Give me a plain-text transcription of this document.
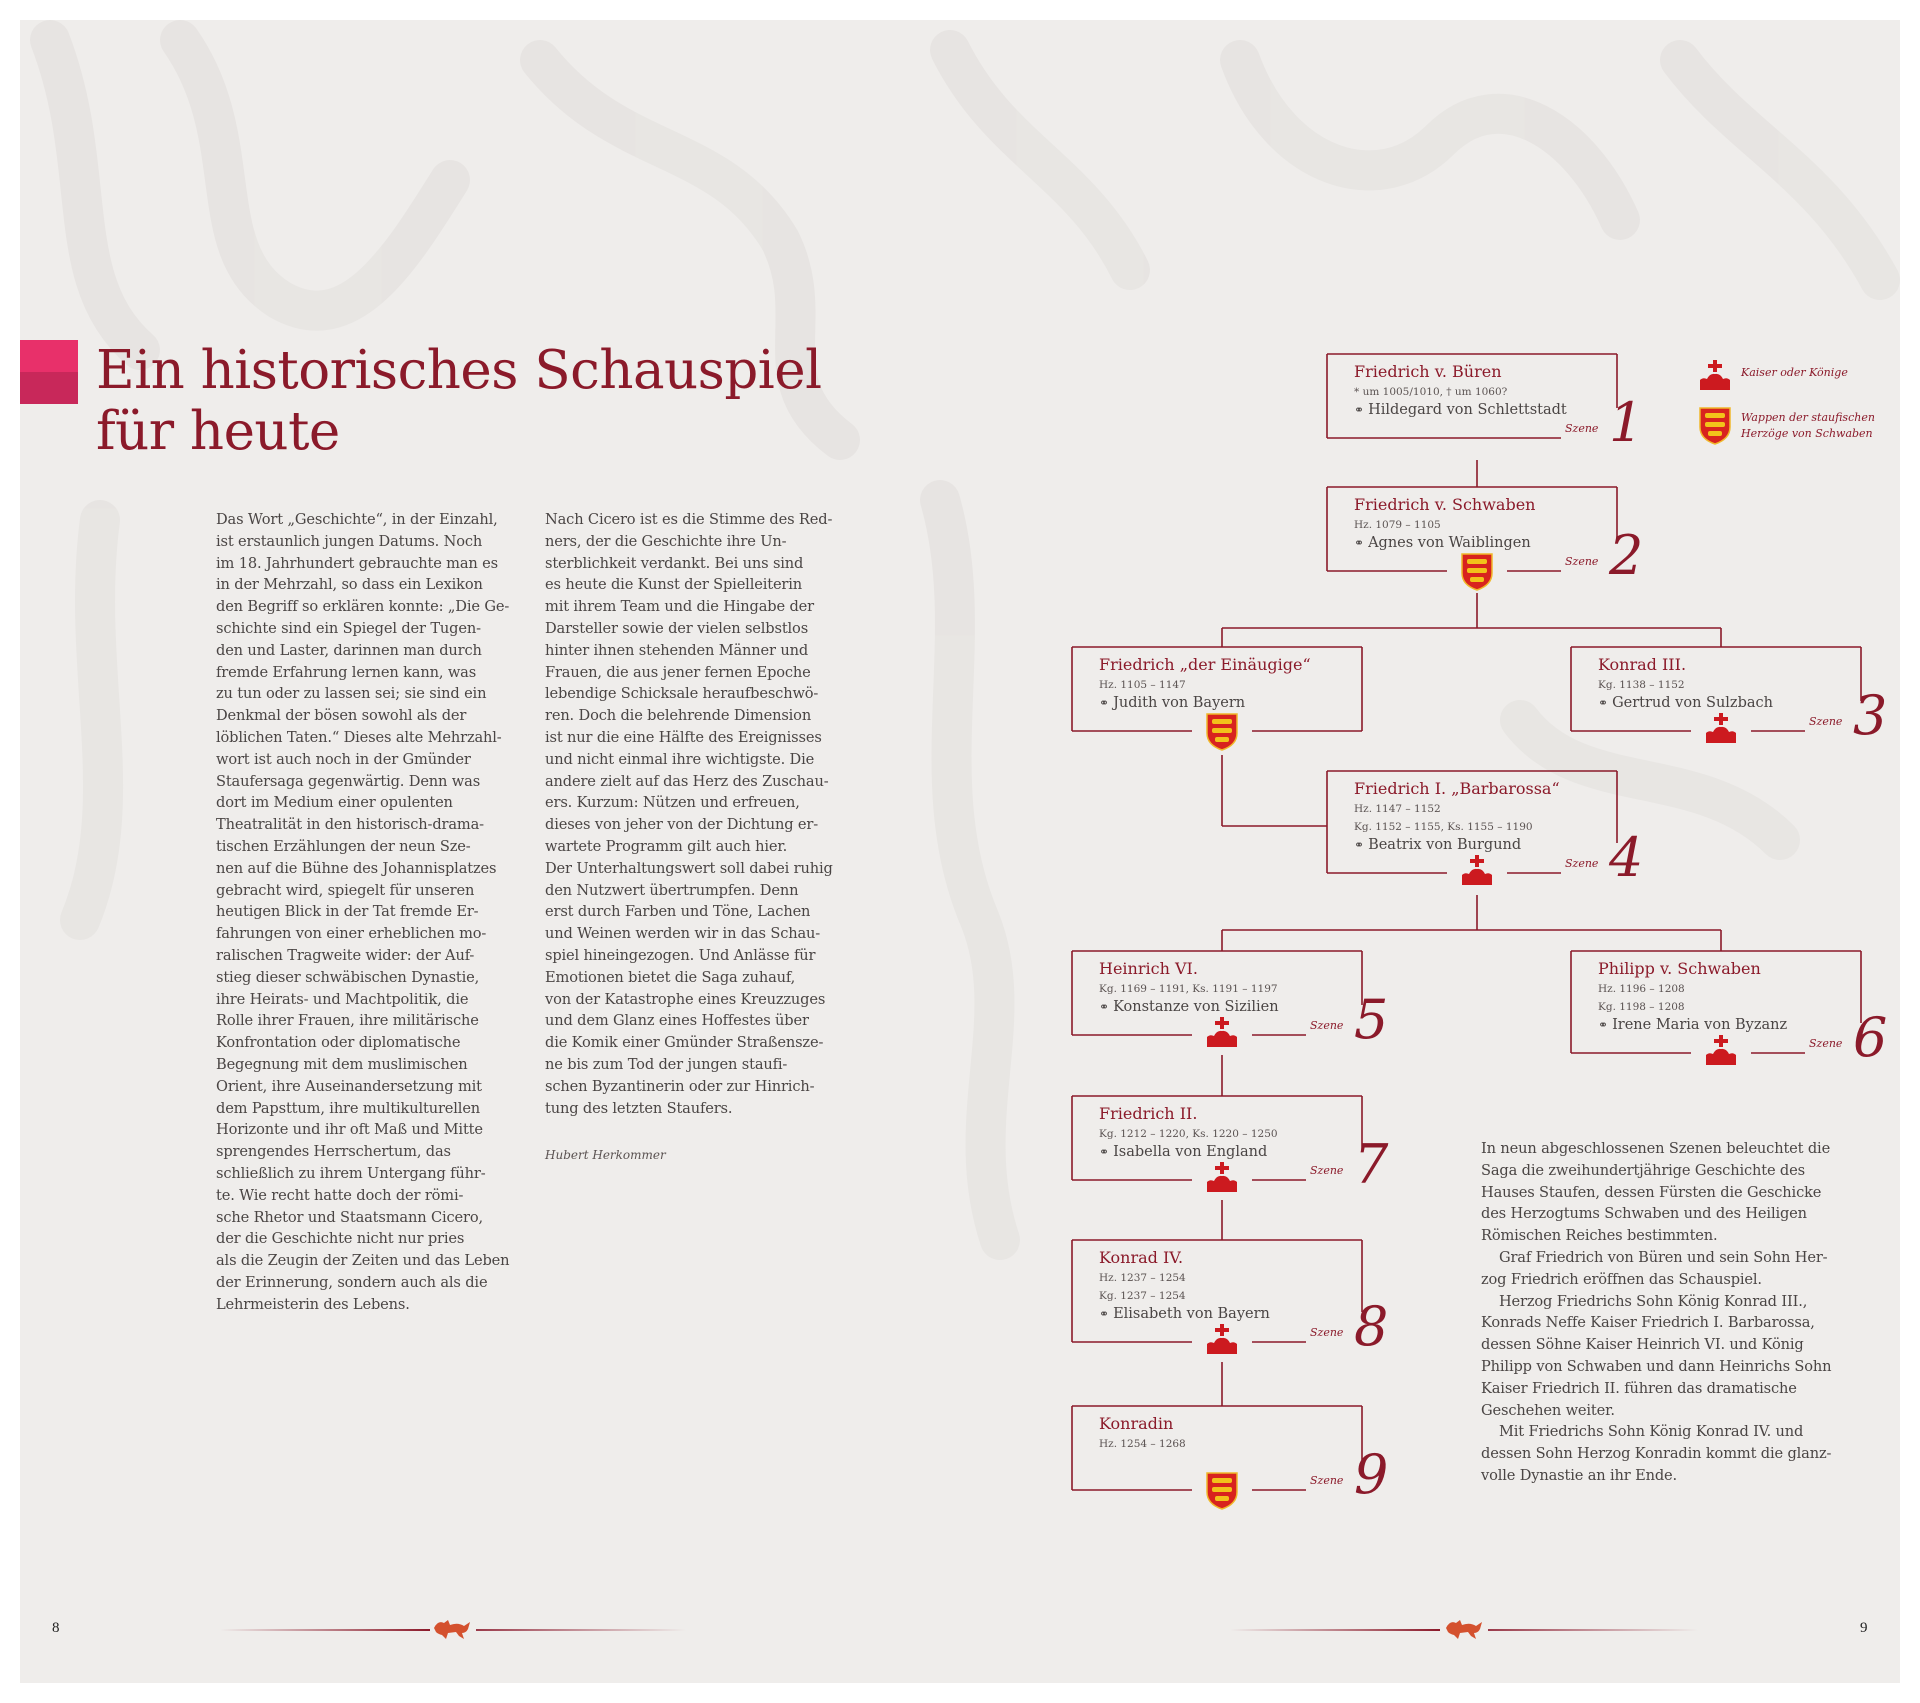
Ein historisches Schauspiel
für heute
Das Wort „Geschichte“, in der Einzahl,
ist erstaunlich jungen Datums. Noch
im 18. Jahrhundert gebrauchte man es
in der Mehrzahl, so dass ein Lexikon
den Begriff so erklären konnte: „Die Ge-
schichte sind ein Spiegel der Tugen-
den und Laster, darinnen man durch
fremde Erfahrung lernen kann, was
zu tun oder zu lassen sei; sie sind ein
Denkmal der bösen sowohl als der
löblichen Taten.“ Dieses alte Mehrzahl-
wort ist auch noch in der Gmünder
Staufersaga gegenwärtig. Denn was
dort im Medium einer opulenten
Theatralität in den historisch-drama-
tischen Erzählungen der neun Sze-
nen auf die Bühne des Johannisplatzes
gebracht wird, spiegelt für unseren
heutigen Blick in der Tat fremde Er-
fahrungen von einer erheblichen mo-
ralischen Tragweite wider: der Auf-
stieg dieser schwäbischen Dynastie,
ihre Heirats- und Machtpolitik, die
Rolle ihrer Frauen, ihre militärische
Konfrontation oder diplomatische
Begegnung mit dem muslimischen
Orient, ihre Auseinandersetzung mit
dem Papsttum, ihre multikulturellen
Horizonte und ihr oft Maß und Mitte
sprengendes Herrschertum, das
schließlich zu ihrem Untergang führ-
te. Wie recht hatte doch der römi-
sche Rhetor und Staatsmann Cicero,
der die Geschichte nicht nur pries
als die Zeugin der Zeiten und das Leben
der Erinnerung, sondern auch als die
Lehrmeisterin des Lebens.
Nach Cicero ist es die Stimme des Red-
ners, der die Geschichte ihre Un-
sterblichkeit verdankt. Bei uns sind
es heute die Kunst der Spielleiterin
mit ihrem Team und die Hingabe der
Darsteller sowie der vielen selbstlos
hinter ihnen stehenden Männer und
Frauen, die aus jener fernen Epoche
lebendige Schicksale heraufbeschwö-
ren. Doch die belehrende Dimension
ist nur die eine Hälfte des Ereignisses
und nicht einmal ihre wichtigste. Die
andere zielt auf das Herz des Zuschau-
ers. Kurzum: Nützen und erfreuen,
dieses von jeher von der Dichtung er-
wartete Programm gilt auch hier.
Der Unterhaltungswert soll dabei ruhig
den Nutzwert übertrumpfen. Denn
erst durch Farben und Töne, Lachen
und Weinen werden wir in das Schau-
spiel hineingezogen. Und Anlässe für
Emotionen bietet die Saga zuhauf,
von der Katastrophe eines Kreuzzuges
und dem Glanz eines Hoffestes über
die Komik einer Gmünder Straßensze-
ne bis zum Tod der jungen staufi-
schen Byzantinerin oder zur Hinrich-
tung des letzten Staufers.
Hubert Herkommer
Friedrich v. Büren
* um 1005/1010, † um 1060?
⚭ Hildegard von Schlettstadt
Szene 1
Friedrich v. Schwaben
Hz. 1079 – 1105
⚭ Agnes von Waiblingen
Szene 2
Friedrich „der Einäugige“
Hz. 1105 – 1147
⚭ Judith von Bayern
Konrad III.
Kg. 1138 – 1152
⚭ Gertrud von Sulzbach
Szene 3
Friedrich I. „Barbarossa“
Hz. 1147 – 1152
Kg. 1152 – 1155, Ks. 1155 – 1190
⚭ Beatrix von Burgund
Szene 4
Heinrich VI.
Kg. 1169 – 1191, Ks. 1191 – 1197
⚭ Konstanze von Sizilien
Szene 5
Philipp v. Schwaben
Hz. 1196 – 1208
Kg. 1198 – 1208
⚭ Irene Maria von Byzanz
Szene 6
Friedrich II.
Kg. 1212 – 1220, Ks. 1220 – 1250
⚭ Isabella von England
Szene 7
Konrad IV.
Hz. 1237 – 1254
Kg. 1237 – 1254
⚭ Elisabeth von Bayern
Szene 8
Konradin
Hz. 1254 – 1268
Szene 9
Kaiser oder Könige
Wappen der staufischen
Herzöge von Schwaben
In neun abgeschlossenen Szenen beleuchtet die
Saga die zweihundertjährige Geschichte des
Hauses Staufen, dessen Fürsten die Geschicke
des Herzogtums Schwaben und des Heiligen
Römischen Reiches bestimmten.
Graf Friedrich von Büren und sein Sohn Her-
zog Friedrich eröffnen das Schauspiel.
Herzog Friedrichs Sohn König Konrad III.,
Konrads Neffe Kaiser Friedrich I. Barbarossa,
dessen Söhne Kaiser Heinrich VI. und König
Philipp von Schwaben und dann Heinrichs Sohn
Kaiser Friedrich II. führen das dramatische
Geschehen weiter.
Mit Friedrichs Sohn König Konrad IV. und
dessen Sohn Herzog Konradin kommt die glanz-
volle Dynastie an ihr Ende.
8	9
